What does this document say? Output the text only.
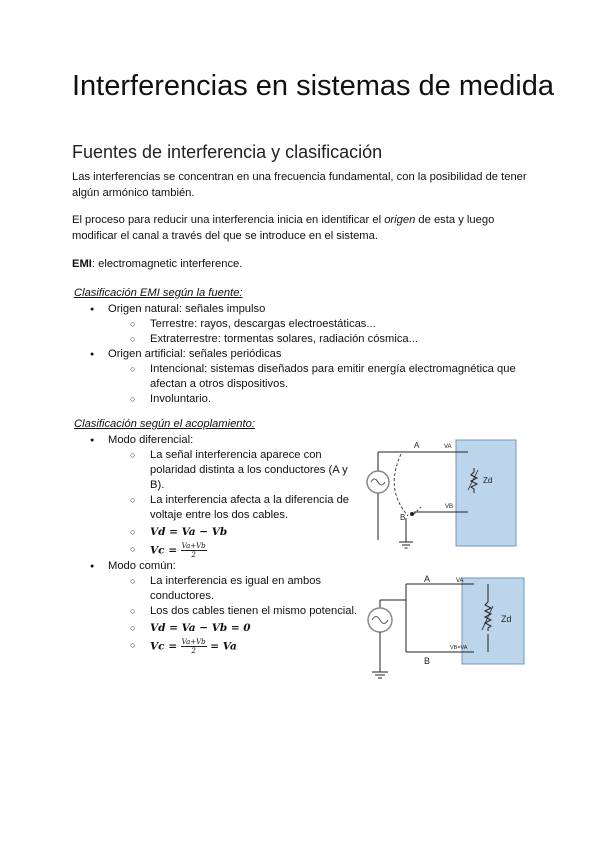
Interferencias en sistemas de medida
Fuentes de interferencia y clasificación

Las interferencias se concentran en una frecuencia fundamental, con la posibilidad de tener algún armónico también.

El proceso para reducir una interferencia inicia en identificar el origen de esta y luego modificar el canal a través del que se introduce en el sistema.

EMI: electromagnetic interference.

Clasificación EMI según la fuente:

● Origen natural: señales impulso
○ Terrestre: rayos, descargas electroestáticas...
○ Extraterrestre: tormentas solares, radiación cósmica...
● Origen artificial: señales periódicas
○ Intencional: sistemas diseñados para emitir energía electromagnética que afectan a otros dispositivos.
○ Involuntario.

Clasificación según el acoplamiento:

● Modo diferencial:
○ La señal interferencia aparece con polaridad distinta a los conductores (A y B).
○ La interferencia afecta a la diferencia de voltaje entre los dos cables.
○ Vd = Va − Vb
○ $Vc = \frac{Va+Vb}{2}$
● Modo común:
○ La interferencia es igual en ambos conductores.
○ Los dos cables tienen el mismo potencial.
○ Vd = Va − Vb = 0
○ $Vc = \frac{Va+Vb}{2} = Va$
A
B
VA
VB
Zd
A
B
VA
VB=VA
Zd
